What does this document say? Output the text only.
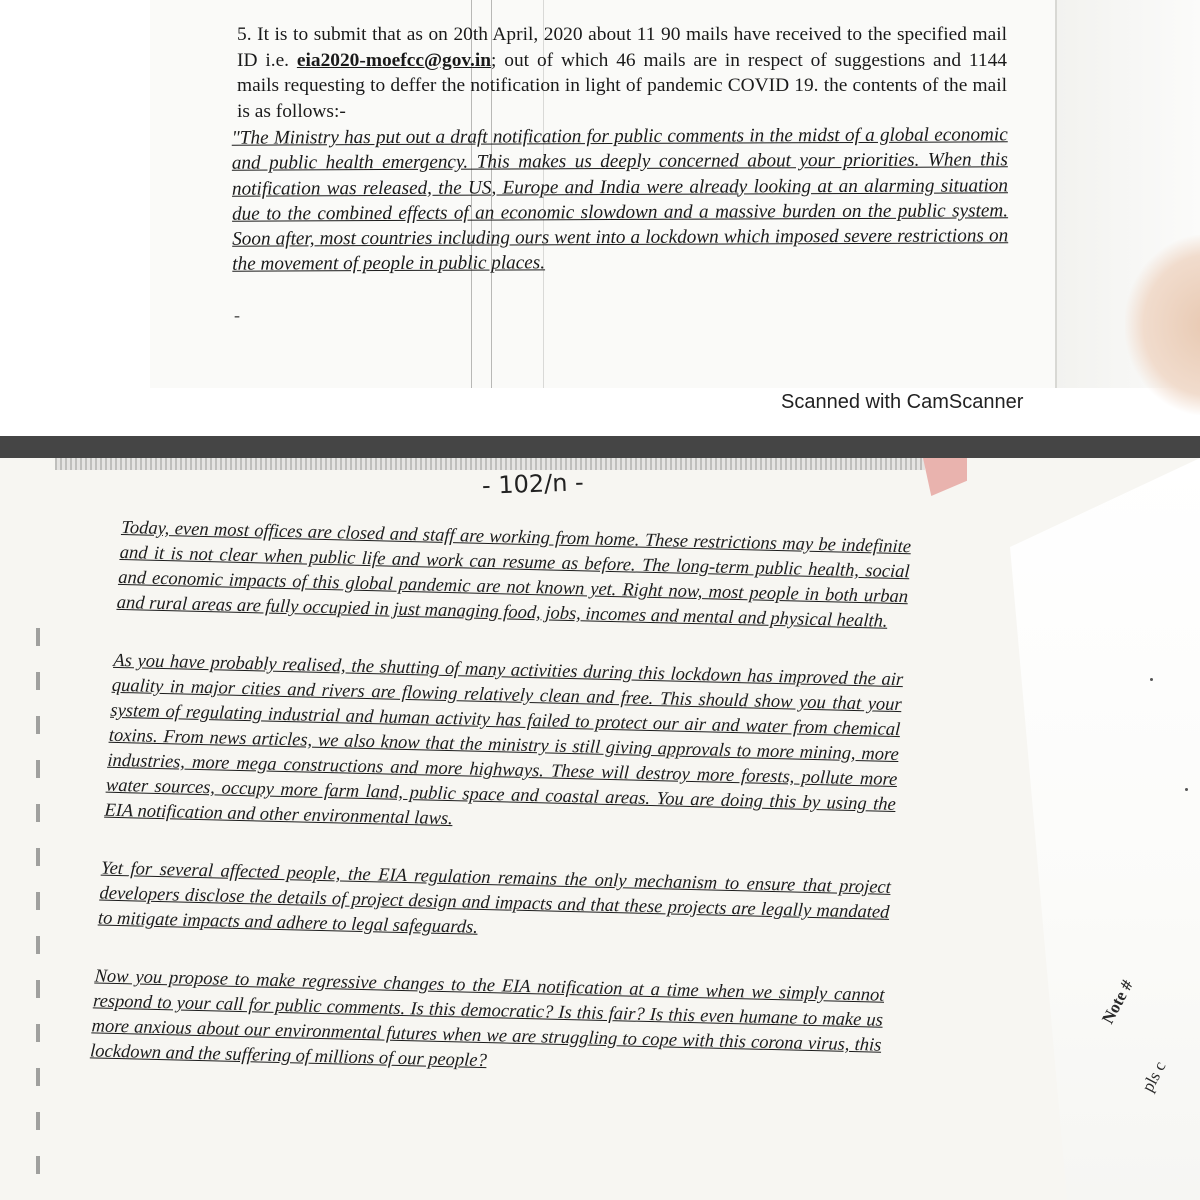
5. It is to submit that as on 20th April, 2020 about 11 90 mails have received to the specified mail ID i.e. eia2020-moefcc@gov.in; out of which 46 mails are in respect of suggestions and 1144 mails requesting to deffer the notification in light of pandemic COVID 19. the contents of the mail is as follows:-
"The Ministry has put out a draft notification for public comments in the midst of a global economic and public health emergency. This makes us deeply concerned about your priorities. When this notification was released, the US, Europe and India were already looking at an alarming situation due to the combined effects of an economic slowdown and a massive burden on the public system. Soon after, most countries including ours went into a lockdown which imposed severe restrictions on the movement of people in public places.
-
Scanned with CamScanner
Note #
pls c
- 102/n -

Today, even most offices are closed and staff are working from home. These restrictions may be indefinite and it is not clear when public life and work can resume as before. The long-term public health, social and economic impacts of this global pandemic are not known yet. Right now, most people in both urban and rural areas are fully occupied in just managing food, jobs, incomes and mental and physical health.

As you have probably realised, the shutting of many activities during this lockdown has improved the air quality in major cities and rivers are flowing relatively clean and free. This should show you that your system of regulating industrial and human activity has failed to protect our air and water from chemical toxins. From news articles, we also know that the ministry is still giving approvals to more mining, more industries, more mega constructions and more highways. These will destroy more forests, pollute more water sources, occupy more farm land, public space and coastal areas. You are doing this by using the EIA notification and other environmental laws.

Yet for several affected people, the EIA regulation remains the only mechanism to ensure that project developers disclose the details of project design and impacts and that these projects are legally mandated to mitigate impacts and adhere to legal safeguards.

Now you propose to make regressive changes to the EIA notification at a time when we simply cannot respond to your call for public comments. Is this democratic? Is this fair? Is this even humane to make us more anxious about our environmental futures when we are struggling to cope with this corona virus, this lockdown and the suffering of millions of our people?
